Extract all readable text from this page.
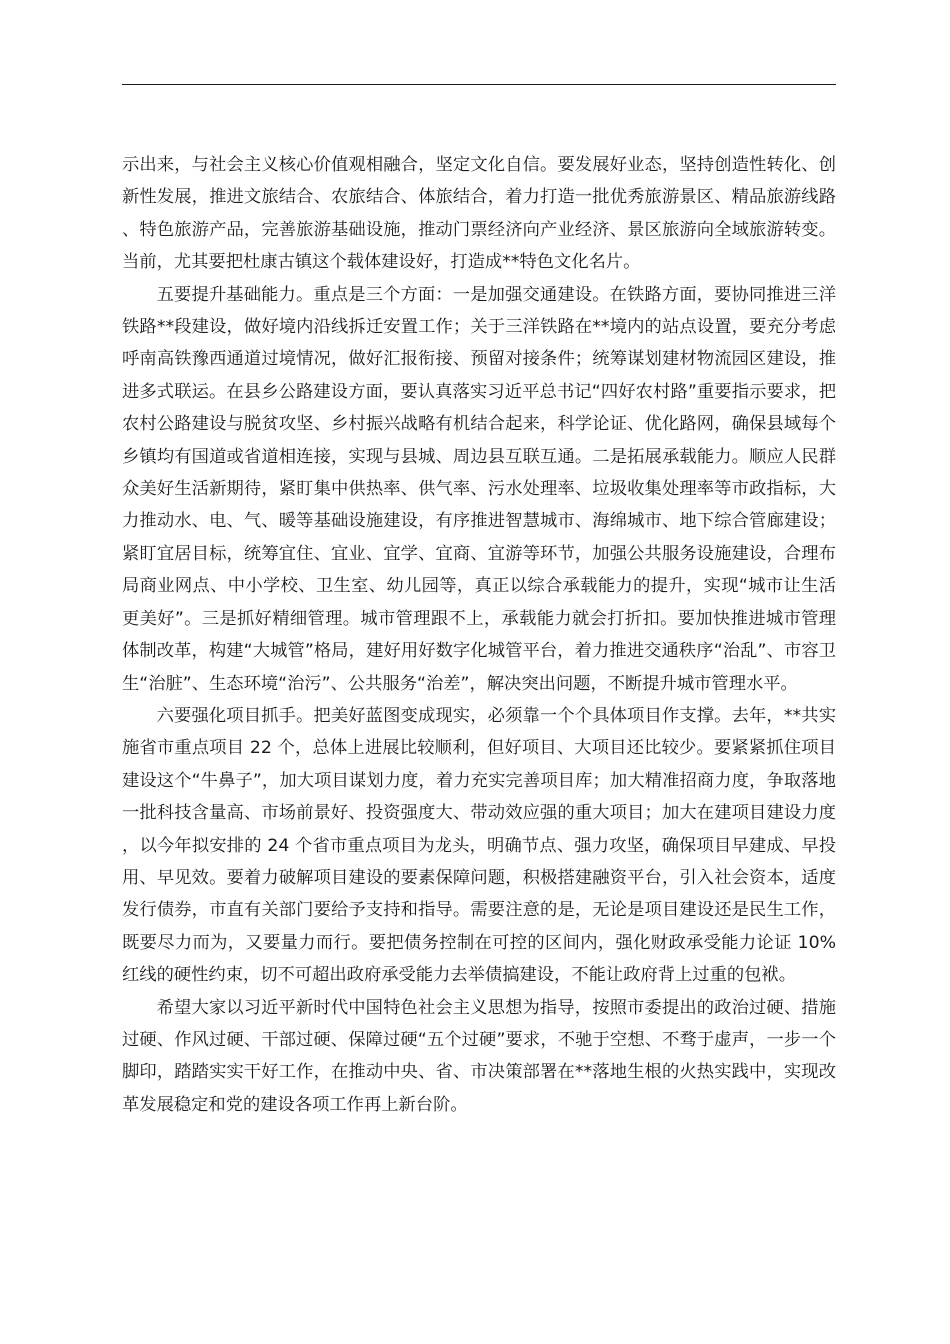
示出来，与社会主义核心价值观相融合，坚定文化自信。要发展好业态，坚持创造性转化、创新性发展，推进文旅结合、农旅结合、体旅结合，着力打造一批优秀旅游景区、精品旅游线路、特色旅游产品，完善旅游基础设施，推动门票经济向产业经济、景区旅游向全域旅游转变。当前，尤其要把杜康古镇这个载体建设好，打造成**特色文化名片。

五要提升基础能力。重点是三个方面：一是加强交通建设。在铁路方面，要协同推进三洋铁路**段建设，做好境内沿线拆迁安置工作；关于三洋铁路在**境内的站点设置，要充分考虑呼南高铁豫西通道过境情况，做好汇报衔接、预留对接条件；统筹谋划建材物流园区建设，推进多式联运。在县乡公路建设方面，要认真落实习近平总书记“四好农村路”重要指示要求，把农村公路建设与脱贫攻坚、乡村振兴战略有机结合起来，科学论证、优化路网，确保县域每个乡镇均有国道或省道相连接，实现与县城、周边县互联互通。二是拓展承载能力。顺应人民群众美好生活新期待，紧盯集中供热率、供气率、污水处理率、垃圾收集处理率等市政指标，大力推动水、电、气、暖等基础设施建设，有序推进智慧城市、海绵城市、地下综合管廊建设；紧盯宜居目标，统筹宜住、宜业、宜学、宜商、宜游等环节，加强公共服务设施建设，合理布局商业网点、中小学校、卫生室、幼儿园等，真正以综合承载能力的提升，实现“城市让生活更美好”。三是抓好精细管理。城市管理跟不上，承载能力就会打折扣。要加快推进城市管理体制改革，构建“大城管”格局，建好用好数字化城管平台，着力推进交通秩序“治乱”、市容卫生“治脏”、生态环境“治污”、公共服务“治差”，解决突出问题，不断提升城市管理水平。

六要强化项目抓手。把美好蓝图变成现实，必须靠一个个具体项目作支撑。去年，**共实施省市重点项目 22 个，总体上进展比较顺利，但好项目、大项目还比较少。要紧紧抓住项目建设这个“牛鼻子”，加大项目谋划力度，着力充实完善项目库；加大精准招商力度，争取落地一批科技含量高、市场前景好、投资强度大、带动效应强的重大项目；加大在建项目建设力度，以今年拟安排的 24 个省市重点项目为龙头，明确节点、强力攻坚，确保项目早建成、早投用、早见效。要着力破解项目建设的要素保障问题，积极搭建融资平台，引入社会资本，适度发行债券，市直有关部门要给予支持和指导。需要注意的是，无论是项目建设还是民生工作，既要尽力而为，又要量力而行。要把债务控制在可控的区间内，强化财政承受能力论证 10%红线的硬性约束，切不可超出政府承受能力去举债搞建设，不能让政府背上过重的包袱。

希望大家以习近平新时代中国特色社会主义思想为指导，按照市委提出的政治过硬、措施过硬、作风过硬、干部过硬、保障过硬“五个过硬”要求，不驰于空想、不骛于虚声，一步一个脚印，踏踏实实干好工作，在推动中央、省、市决策部署在**落地生根的火热实践中，实现改革发展稳定和党的建设各项工作再上新台阶。
